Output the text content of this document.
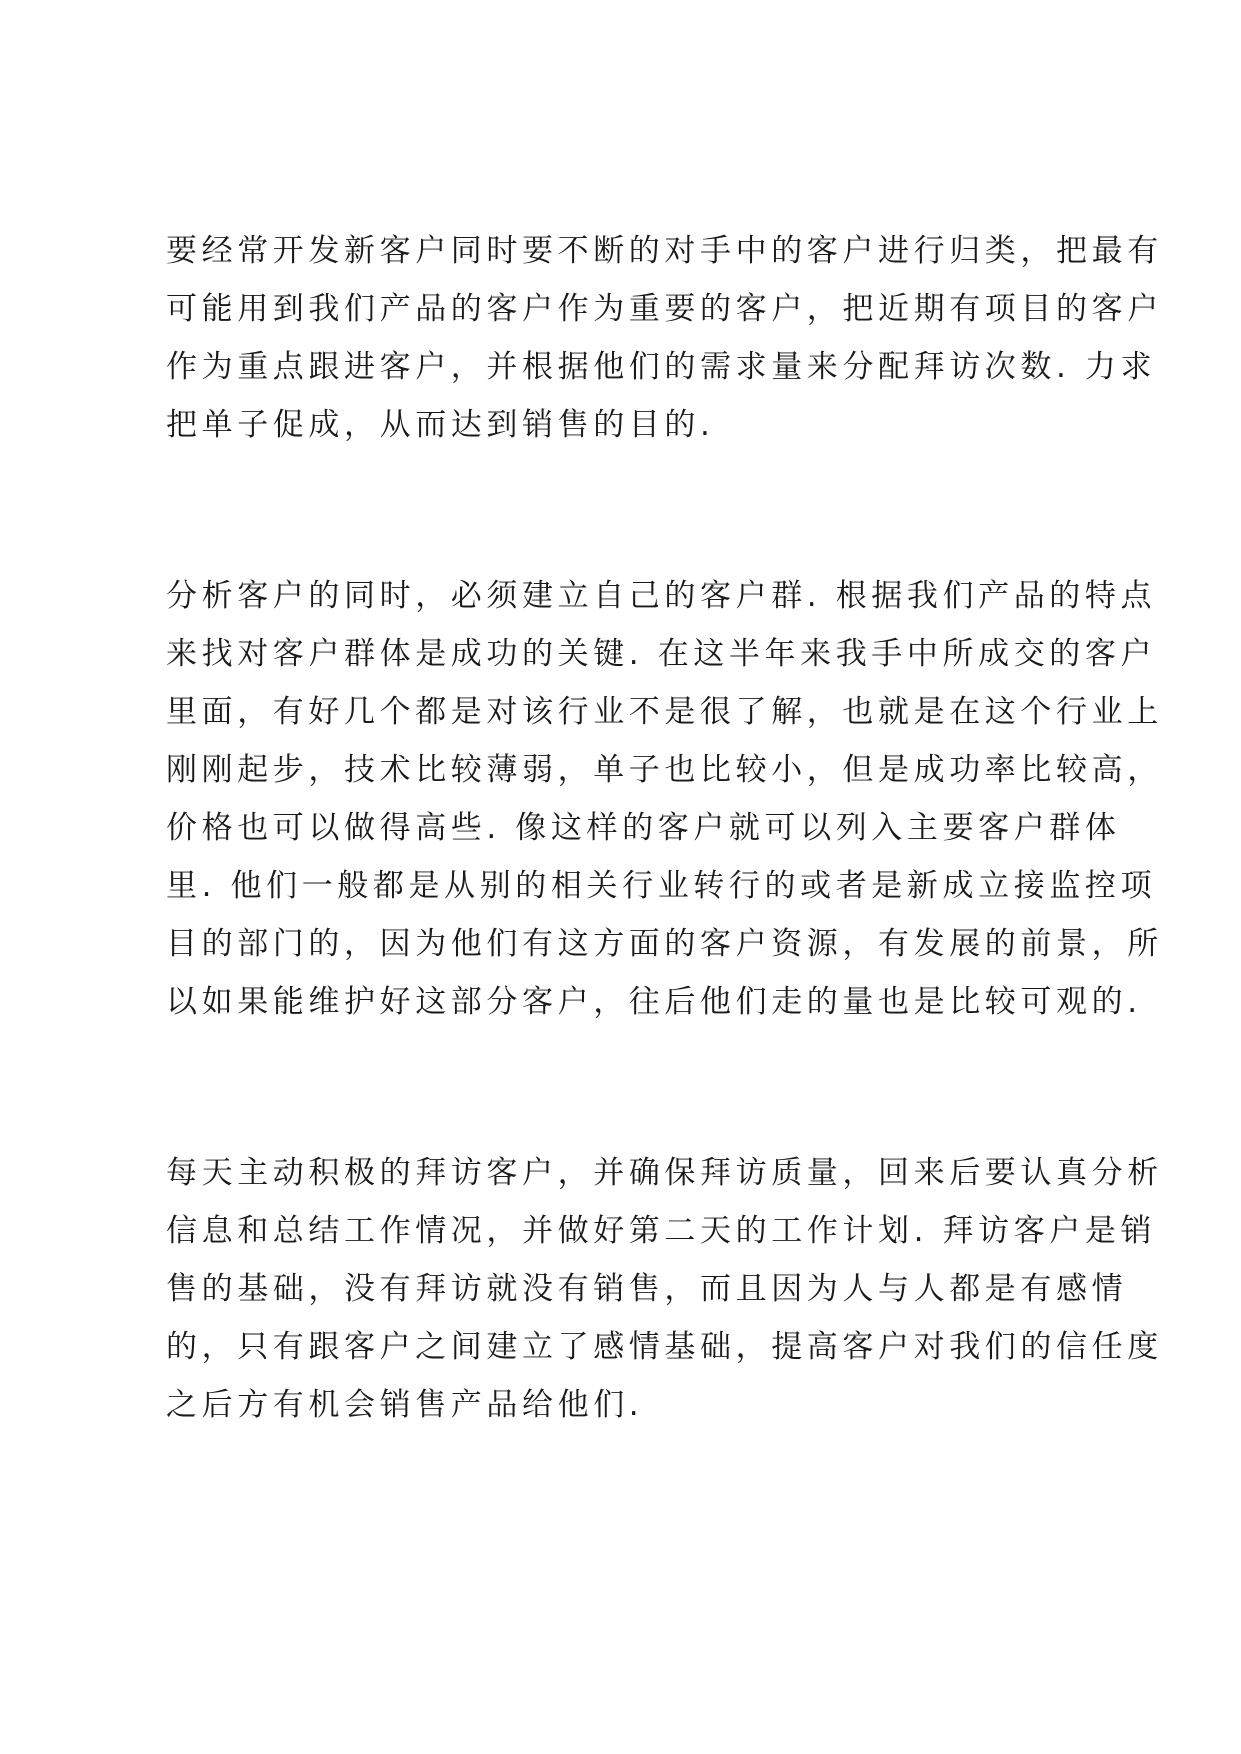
要经常开发新客户同时要不断的对手中的客户进行归类，把最有
可能用到我们产品的客户作为重要的客户，把近期有项目的客户
作为重点跟进客户，并根据他们的需求量来分配拜访次数. 力求
把单子促成，从而达到销售的目的.
分析客户的同时，必须建立自己的客户群. 根据我们产品的特点
来找对客户群体是成功的关键. 在这半年来我手中所成交的客户
里面，有好几个都是对该行业不是很了解，也就是在这个行业上
刚刚起步，技术比较薄弱，单子也比较小，但是成功率比较高，
价格也可以做得高些. 像这样的客户就可以列入主要客户群体
里. 他们一般都是从别的相关行业转行的或者是新成立接监控项
目的部门的，因为他们有这方面的客户资源，有发展的前景，所
以如果能维护好这部分客户，往后他们走的量也是比较可观的.
每天主动积极的拜访客户，并确保拜访质量，回来后要认真分析
信息和总结工作情况，并做好第二天的工作计划. 拜访客户是销
售的基础，没有拜访就没有销售，而且因为人与人都是有感情
的，只有跟客户之间建立了感情基础，提高客户对我们的信任度
之后方有机会销售产品给他们.
